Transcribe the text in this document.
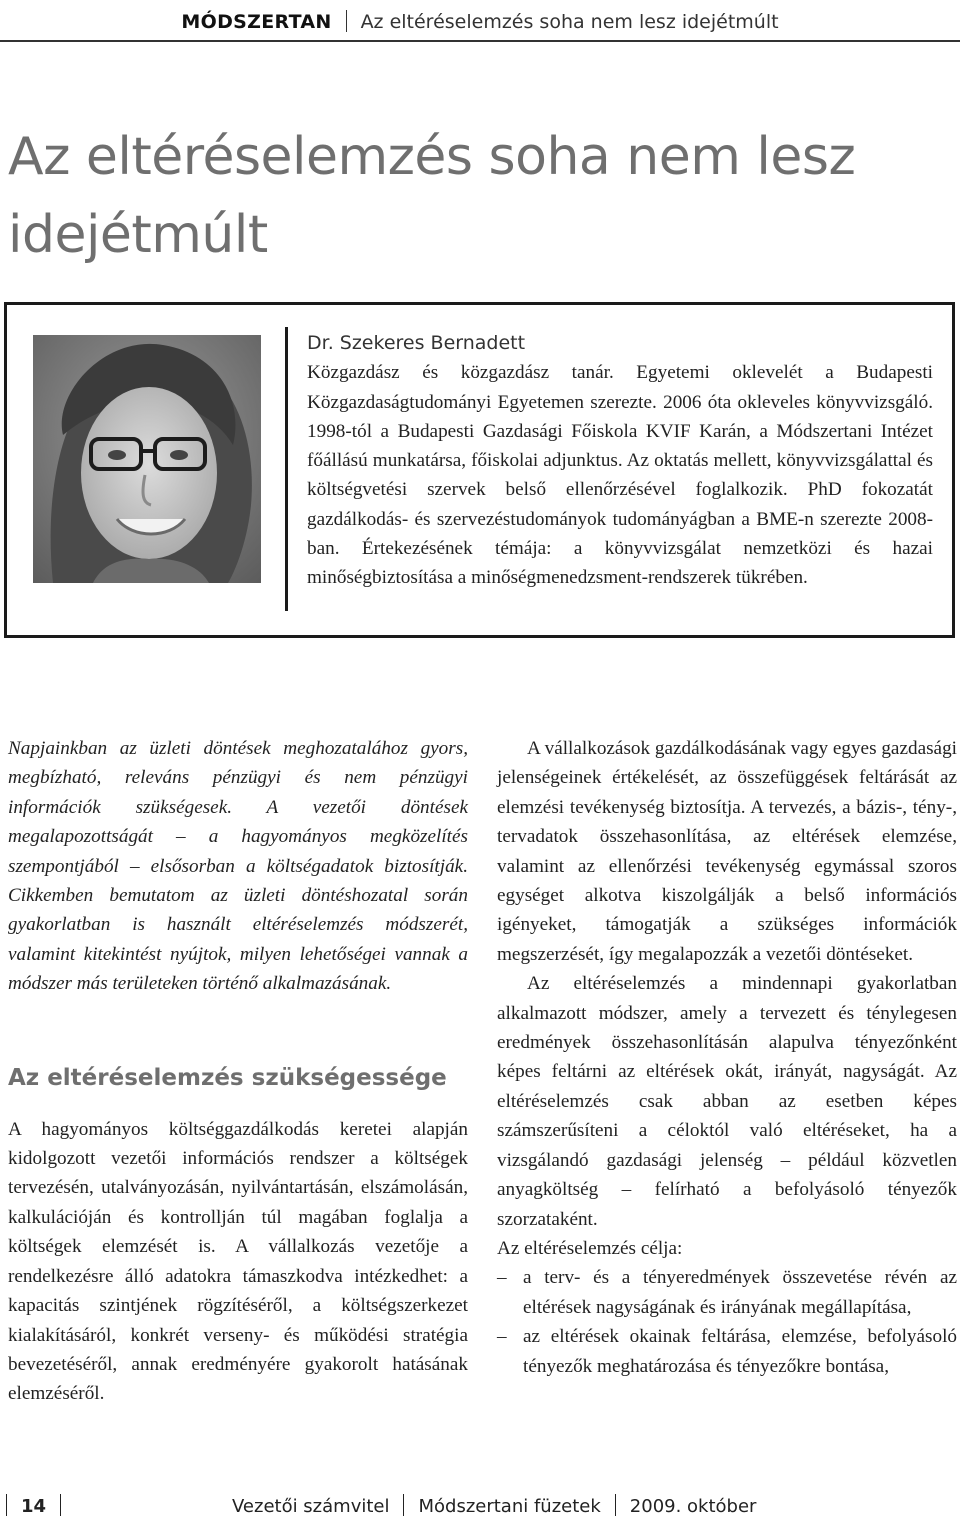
MÓDSZERTAN Az eltéréselemzés soha nem lesz idejétmúlt
Az eltéréselemzés soha nem lesz
idejétmúlt
Dr. Szekeres Bernadett
Közgazdász és közgazdász tanár. Egyetemi oklevelét a Budapesti Közgazdaságtudományi Egyetemen szerezte. 2006 óta okleveles könyvvizsgáló. 1998-tól a Budapesti Gazdasági Főiskola KVIF Karán, a Módszertani Intézet főállású munkatársa, főiskolai adjunktus. Az oktatás mellett, könyvvizsgálattal és költségvetési szervek belső ellenőrzésével foglalkozik. PhD fokozatát gazdálkodás- és szervezéstudományok tudományágban a BME-n szerezte 2008-ban. Értekezésének témája: a könyvvizsgálat nemzetközi és hazai minőségbiztosítása a minőségmenedzsment-rendszerek tükrében.

Napjainkban az üzleti döntések meghozatalához gyors, megbízható, releváns pénzügyi és nem pénzügyi információk szükségesek. A vezetői döntések megalapozottságát – a hagyományos megközelítés szempontjából – elsősorban a költségadatok biztosítják. Cikkemben bemutatom az üzleti döntéshozatal során gyakorlatban is használt eltéréselemzés módszerét, valamint kitekintést nyújtok, milyen lehetőségei vannak a módszer más területeken történő alkalmazásának.

Az eltéréselemzés szükségessége

A hagyományos költséggazdálkodás keretei alapján kidolgozott vezetői információs rendszer a költségek tervezésén, utalványozásán, nyilvántartásán, elszámolásán, kalkulációján és kontrollján túl magában foglalja a költségek elemzését is. A vállalkozás vezetője a rendelkezésre álló adatokra támaszkodva intézkedhet: a kapacitás szintjének rögzítéséről, a költségszerkezet kialakításáról, konkrét verseny- és működési stratégia bevezetéséről, annak eredményére gyakorolt hatásának elemzéséről.

A vállalkozások gazdálkodásának vagy egyes gazdasági jelenségeinek értékelését, az összefüggések feltárását az elemzési tevékenység biztosítja. A tervezés, a bázis-, tény-, tervadatok összehasonlítása, az eltérések elemzése, valamint az ellenőrzési tevékenység egymással szoros egységet alkotva kiszolgálják a belső információs igényeket, támogatják a szükséges információk megszerzését, így megalapozzák a vezetői döntéseket.

Az eltéréselemzés a mindennapi gyakorlatban alkalmazott módszer, amely a tervezett és ténylegesen eredmények összehasonlításán alapulva tényezőnként képes feltárni az eltérések okát, irányát, nagyságát. Az eltéréselemzés csak abban az esetben képes számszerűsíteni a céloktól való eltéréseket, ha a vizsgálandó gazdasági jelenség – például közvetlen anyagköltség – felírható a befolyásoló tényezők szorzataként.

Az eltéréselemzés célja:

– a terv- és a tényeredmények összevetése révén az eltérések nagyságának és irányának megállapítása,
– az eltérések okainak feltárása, elemzése, befolyásoló tényezők meghatározása és tényezőkre bontása,
14	Vezetői számvitel Módszertani füzetek 2009. október
